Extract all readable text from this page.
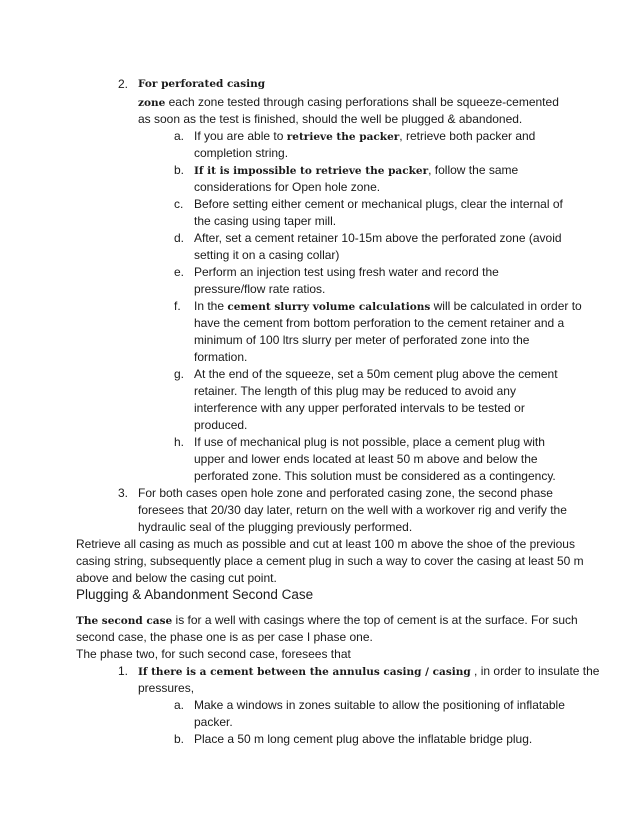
2. For perforated casing
zone each zone tested through casing perforations shall be squeeze-cemented
as soon as the test is finished, should the well be plugged & abandoned.
a. If you are able to retrieve the packer, retrieve both packer and
completion string.
b. If it is impossible to retrieve the packer, follow the same
considerations for Open hole zone.
c. Before setting either cement or mechanical plugs, clear the internal of
the casing using taper mill.
d. After, set a cement retainer 10-15m above the perforated zone (avoid
setting it on a casing collar)
e. Perform an injection test using fresh water and record the
pressure/flow rate ratios.
f. In the cement slurry volume calculations will be calculated in order to
have the cement from bottom perforation to the cement retainer and a
minimum of 100 ltrs slurry per meter of perforated zone into the
formation.
g. At the end of the squeeze, set a 50m cement plug above the cement
retainer. The length of this plug may be reduced to avoid any
interference with any upper perforated intervals to be tested or
produced.
h. If use of mechanical plug is not possible, place a cement plug with
upper and lower ends located at least 50 m above and below the
perforated zone. This solution must be considered as a contingency.
3. For both cases open hole zone and perforated casing zone, the second phase
foresees that 20/30 day later, return on the well with a workover rig and verify the
hydraulic seal of the plugging previously performed.
Retrieve all casing as much as possible and cut at least 100 m above the shoe of the previous
casing string, subsequently place a cement plug in such a way to cover the casing at least 50 m
above and below the casing cut point.
Plugging & Abandonment Second Case
The second case is for a well with casings where the top of cement is at the surface. For such
second case, the phase one is as per case I phase one.
The phase two, for such second case, foresees that
1. If there is a cement between the annulus casing / casing , in order to insulate the
pressures,
a. Make a windows in zones suitable to allow the positioning of inflatable
packer.
b. Place a 50 m long cement plug above the inflatable bridge plug.
